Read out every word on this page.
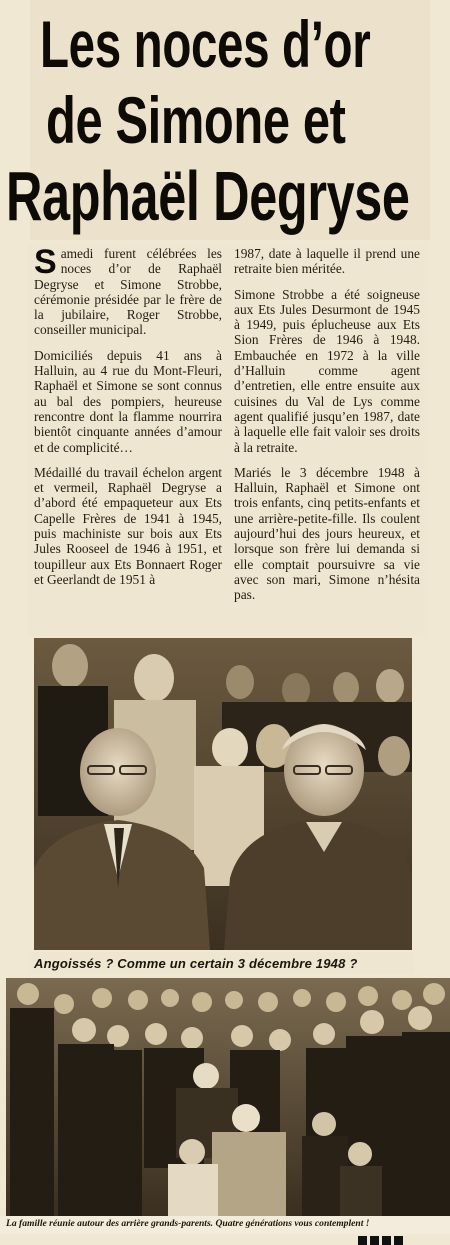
Les noces d’or
de Simone et
Raphaël Degryse

Samedi furent célébrées les noces d’or de Raphaël Degryse et Simone Strobbe, cérémonie présidée par le frère de la jubilaire, Roger Strobbe, conseiller municipal.

Domiciliés depuis 41 ans à Halluin, au 4 rue du Mont-Fleuri, Raphaël et Simone se sont connus au bal des pompiers, heureuse rencontre dont la flamme nourrira bientôt cinquante années d’amour et de complicité…

Médaillé du travail échelon argent et vermeil, Raphaël Degryse a d’abord été empaqueteur aux Ets Capelle Frères de 1941 à 1945, puis machiniste sur bois aux Ets Jules Rooseel de 1946 à 1951, et toupilleur aux Ets Bonnaert Roger et Geerlandt de 1951 à

1987, date à laquelle il prend une retraite bien méritée.

Simone Strobbe a été soigneuse aux Ets Jules Desurmont de 1945 à 1949, puis éplucheuse aux Ets Sion Frères de 1946 à 1948. Embauchée en 1972 à la ville d’Halluin comme agent d’entretien, elle entre ensuite aux cuisines du Val de Lys comme agent qualifié jusqu’en 1987, date à laquelle elle fait valoir ses droits à la retraite.

Mariés le 3 décembre 1948 à Halluin, Raphaël et Simone ont trois enfants, cinq petits-enfants et une arrière-petite-fille. Ils coulent aujourd’hui des jours heureux, et lorsque son frère lui demanda si elle comptait poursuivre sa vie avec son mari, Simone n’hésita pas.

Angoissés ? Comme un certain 3 décembre 1948 ?
La famille réunie autour des arrière grands-parents. Quatre générations vous contemplent !
